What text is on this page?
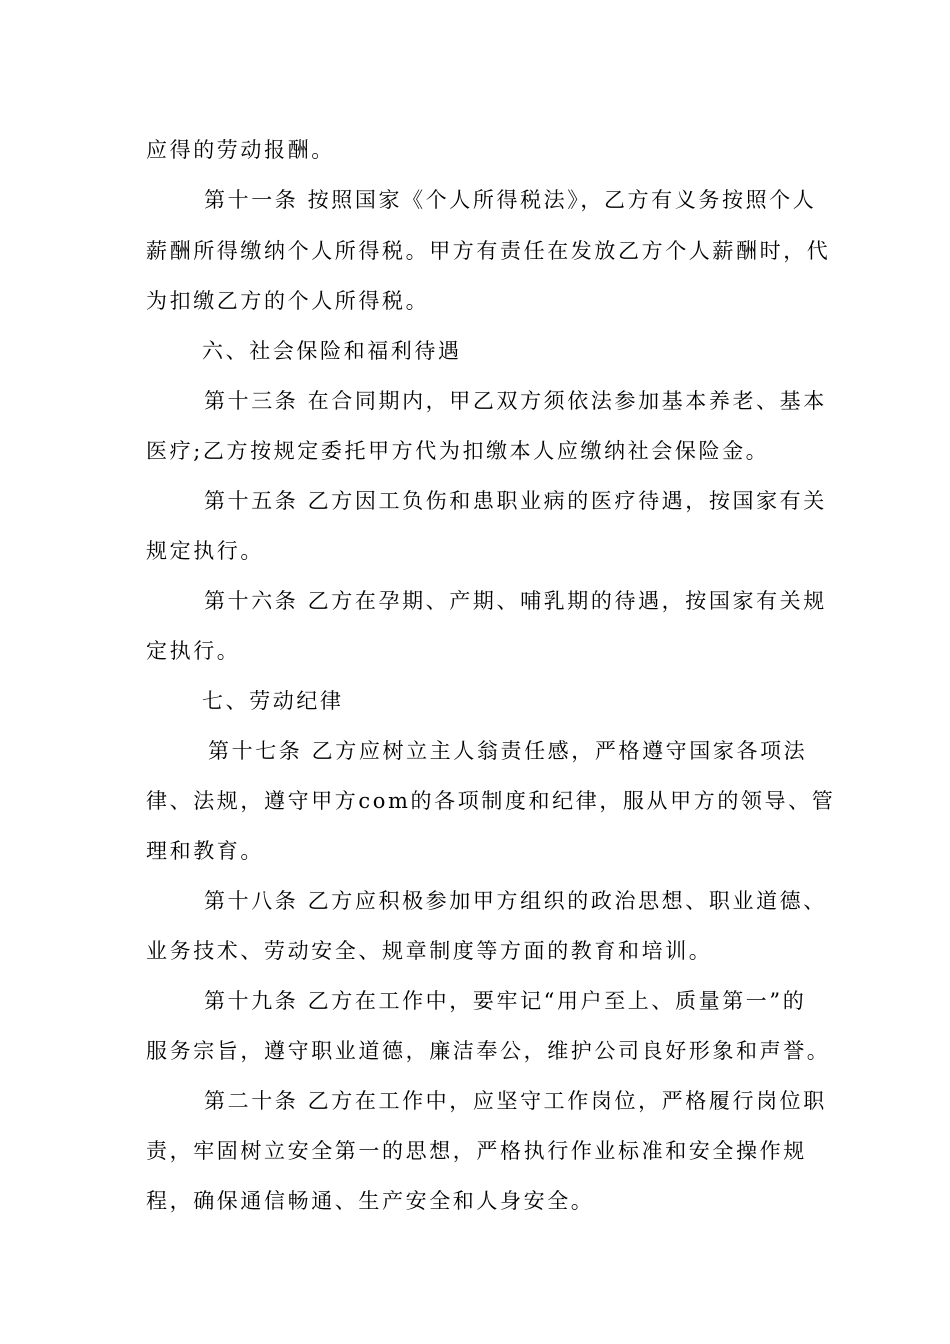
应得的劳动报酬。
第十一条 按照国家《个人所得税法》，乙方有义务按照个人
薪酬所得缴纳个人所得税。甲方有责任在发放乙方个人薪酬时，代
为扣缴乙方的个人所得税。
六、社会保险和福利待遇
第十三条 在合同期内，甲乙双方须依法参加基本养老、基本
医疗;乙方按规定委托甲方代为扣缴本人应缴纳社会保险金。
第十五条 乙方因工负伤和患职业病的医疗待遇，按国家有关
规定执行。
第十六条 乙方在孕期、产期、哺乳期的待遇，按国家有关规
定执行。
七、劳动纪律
第十七条 乙方应树立主人翁责任感，严格遵守国家各项法
律、法规，遵守甲方com的各项制度和纪律，服从甲方的领导、管
理和教育。
第十八条 乙方应积极参加甲方组织的政治思想、职业道德、
业务技术、劳动安全、规章制度等方面的教育和培训。
第十九条 乙方在工作中，要牢记“用户至上、质量第一”的
服务宗旨，遵守职业道德，廉洁奉公，维护公司良好形象和声誉。
第二十条 乙方在工作中，应坚守工作岗位，严格履行岗位职
责，牢固树立安全第一的思想，严格执行作业标准和安全操作规
程，确保通信畅通、生产安全和人身安全。
